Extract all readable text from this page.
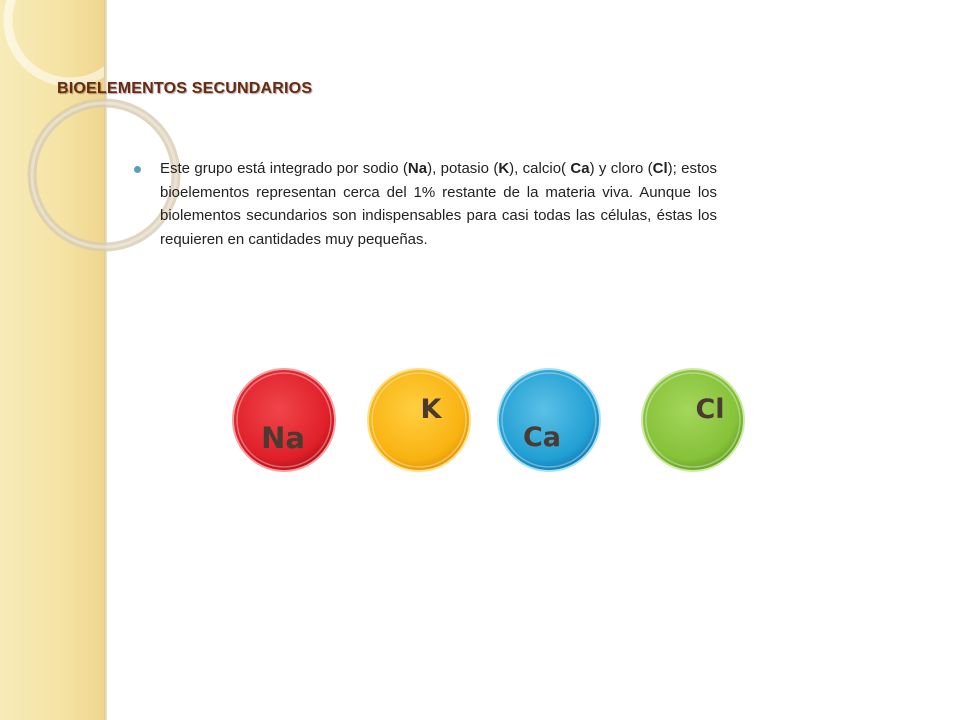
BIOELEMENTOS SECUNDARIOS
Este grupo está integrado por sodio (Na), potasio (K), calcio( Ca) y cloro (Cl); estos bioelementos representan cerca del 1% restante de la materia viva. Aunque los biolementos secundarios son indispensables para casi todas las células, éstas los requieren en cantidades muy pequeñas.
Na
K
Ca
Cl
